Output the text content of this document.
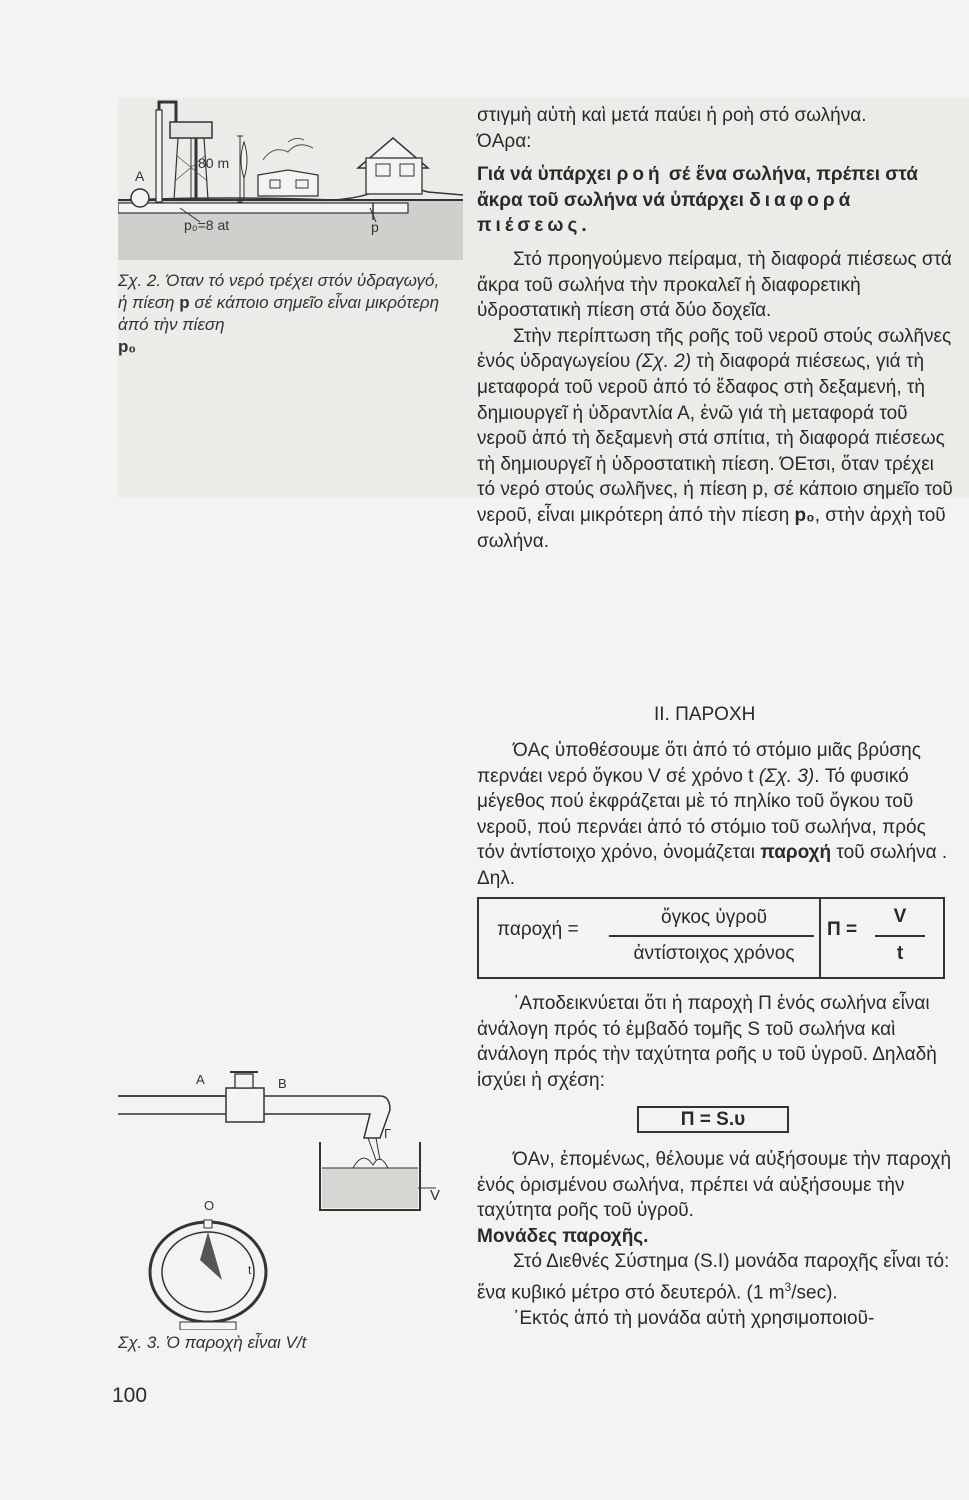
A
80 m
p₀=8 at	p
Σχ. 2. Όταν τό νερό τρέχει στόν ὑδραγωγό, ἡ πίεση p σέ κάποιο σημεῖο εἶναι μικρότερη ἀπό τὴν πίεση
p₀

στιγμὴ αὐτὴ καὶ μετά παύει ἡ ροὴ στό σωλήνα.

ΌΑρα:

Γιά νά ὑπάρχει ροή σέ ἕνα σωλήνα, πρέπει στά ἄκρα τοῦ σωλήνα νά ὑπάρχει διαφορά πιέσεως.

Στό προηγούμενο πείραμα, τὴ διαφορά πιέσεως στά ἄκρα τοῦ σωλήνα τὴν προκαλεῖ ἡ διαφορετικὴ ὑδροστατικὴ πίεση στά δύο δοχεῖα.

Στὴν περίπτωση τῆς ροῆς τοῦ νεροῦ στούς σωλῆνες ἑνός ὑδραγωγείου (Σχ. 2) τὴ διαφορά πιέσεως, γιά τὴ μεταφορά τοῦ νεροῦ ἀπό τό ἔδαφος στὴ δεξαμενή, τὴ δημιουργεῖ ἡ ὑδραντλία Α, ἐνῶ γιά τὴ μεταφορά τοῦ νεροῦ ἀπό τὴ δεξαμενὴ στά σπίτια, τὴ διαφορά πιέσεως τὴ δημιουργεῖ ἡ ὑδροστατικὴ πίεση. ΌΕτσι, ὅταν τρέχει τό νερό στούς σωλῆνες, ἡ πίεση p, σέ κάποιο σημεῖο τοῦ νεροῦ, εἶναι μικρότερη ἀπό τὴν πίεση p₀, στὴν ἀρχὴ τοῦ σωλήνα.

II. ΠΑΡΟΧΗ

ΌΑς ὑποθέσουμε ὅτι ἀπό τό στόμιο μιᾶς βρύσης περνάει νερό ὄγκου V σέ χρόνο t (Σχ. 3). Τό φυσικό μέγεθος πού ἐκφράζεται μὲ τό πηλίκο τοῦ ὄγκου τοῦ νεροῦ, πού περνάει ἀπό τό στόμιο τοῦ σωλήνα, πρός τόν ἀντίστοιχο χρόνο, ὀνομάζεται παροχή τοῦ σωλήνα . Δηλ.

παροχή =
ὄγκος ὑγροῦ
ἀντίστοιχος χρόνος
Π =
V
t

᾿Αποδεικνύεται ὅτι ἡ παροχὴ Π ἑνός σωλήνα εἶναι ἀνάλογη πρός τό ἐμβαδό τομῆς S τοῦ σωλήνα καὶ ἀνάλογη πρός τὴν ταχύτητα ροῆς υ τοῦ ὑγροῦ. Δηλαδὴ ἰσχύει ἡ σχέση:

Π = S.υ

ΌΑν, ἐπομένως, θέλουμε νά αὐξήσουμε τὴν παροχὴ ἑνός ὁρισμένου σωλήνα, πρέπει νά αὐξήσουμε τὴν ταχύτητα ροῆς τοῦ ὑγροῦ.

Μονάδες παροχῆς.

Στό Διεθνές Σύστημα (S.I) μονάδα παροχῆς εἶναι τό:

ἕνα κυβικό μέτρο στό δευτερόλ. (1 $m^3/\sec$).

᾿Εκτός ἀπό τὴ μονάδα αὐτὴ χρησιμοποιοῦ-

A	B
Γ
V
O
t
Σχ. 3. Ὁ παροχὴ εἶναι V/t
100
